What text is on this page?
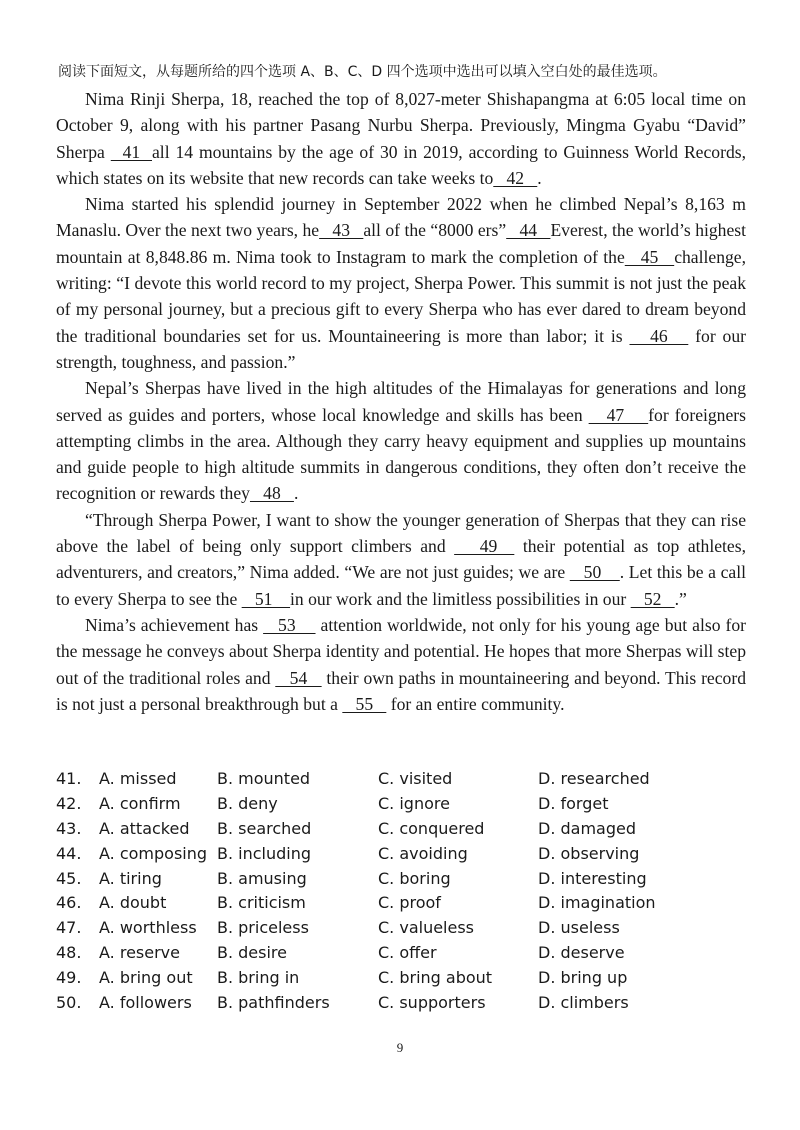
阅读下面短文，从每题所给的四个选项 A、B、C、D 四个选项中选出可以填入空白处的最佳选项。

Nima Rinji Sherpa, 18, reached the top of 8,027-meter Shishapangma at 6:05 local time on October 9, along with his partner Pasang Nurbu Sherpa. Previously, Mingma Gyabu “David” Sherpa   41  all 14 mountains by the age of 30 in 2019, according to Guinness World Records, which states on its website that new records can take weeks to   42   .

Nima started his splendid journey in September 2022 when he climbed Nepal’s 8,163 m Manaslu. Over the next two years, he   43   all of the “8000 ers”   44   Everest, the world’s highest mountain at 8,848.86 m. Nima took to Instagram to mark the completion of the   45   challenge, writing: “I devote this world record to my project, Sherpa Power. This summit is not just the peak of my personal journey, but a precious gift to every Sherpa who has ever dared to dream beyond the traditional boundaries set for us. Mountaineering is more than labor; it is    46    for our strength, toughness, and passion.”

Nepal’s Sherpas have lived in the high altitudes of the Himalayas for generations and long served as guides and porters, whose local knowledge and skills has been    47    for foreigners attempting climbs in the area. Although they carry heavy equipment and supplies up mountains and guide people to high altitude summits in dangerous conditions, they often don’t receive the recognition or rewards they   48   .

“Through Sherpa Power, I want to show the younger generation of Sherpas that they can rise above the label of being only support climbers and    49   their potential as top athletes, adventurers, and creators,” Nima added. “We are not just guides; we are    50    . Let this be a call to every Sherpa to see the    51    in our work and the limitless possibilities in our    52   .”

Nima’s achievement has    53     attention worldwide, not only for his young age but also for the message he conveys about Sherpa identity and potential. He hopes that more Sherpas will step out of the traditional roles and    54    their own paths in mountaineering and beyond. This record is not just a personal breakthrough but a    55    for an entire community.

41. A. missed	B. mounted	C. visited	D. researched
42. A. confirm B. deny	C. ignore	D. forget
43. A. attacked B. searched	C. conquered	D. damaged
44. A. composing B. including	C. avoiding	D. observing
45. A. tiring	B. amusing	C. boring	D. interesting
46. A. doubt	B. criticism	C. proof	D. imagination
47. A. worthless B. priceless	C. valueless	D. useless
48. A. reserve B. desire	C. offer	D. deserve
49. A. bring out B. bring in	C. bring about	D. bring up
50. A. followers B. pathfinders	C. supporters	D. climbers
9
